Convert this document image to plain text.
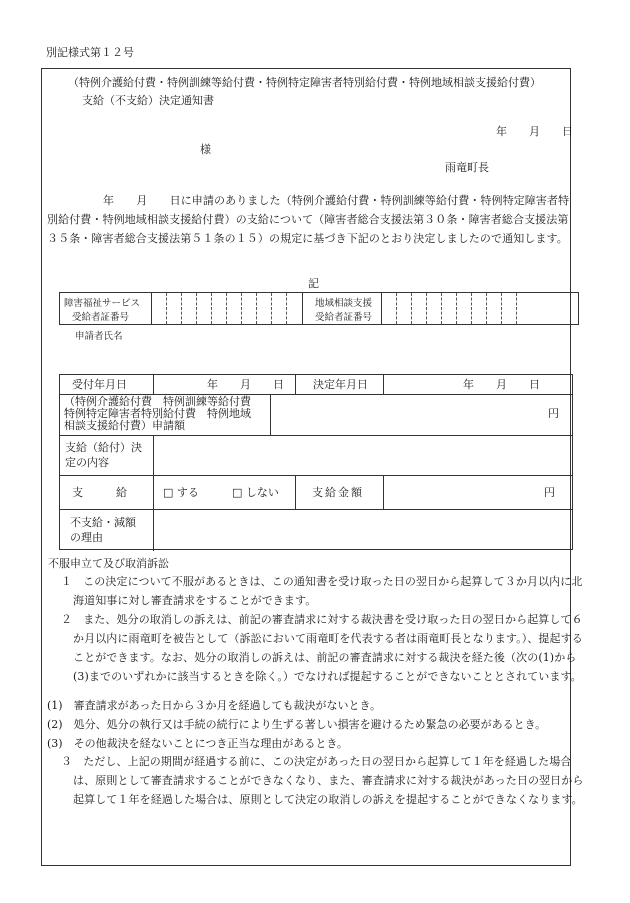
別記様式第１２号
（特例介護給付費・特例訓練等給付費・特例特定障害者特別給付費・特例地域相談支援給付費）
支給（不支給）決定通知書
年　　月　　日
様
雨竜町長
年　　月　　日に申請のありました（特例介護給付費・特例訓練等給付費・特例特定障害者特別給付費・特例地域相談支援給付費）の支給について（障害者総合支援法第３０条・障害者総合支援法第３５条・障害者総合支援法第５１条の１５）の規定に基づき下記のとおり決定しましたので通知します。
記
障害福祉サービス
受給者証番号
地域相談支援
受給者証番号
申請者氏名
受付年月日	年　　月　　日	決定年月日	年　　月　　日
（特例介護給付費　特例訓練等給付費
特例特定障害者特別給付費　特例地域
相談支援給付費）申請額
円
支給（給付）決
定の内容
支　　　給	□ する	□ しない	支給金額	円
不支給・減額
の理由
不服申立て及び取消訴訟
１　この決定について不服があるときは、この通知書を受け取った日の翌日から起算して３か月以内に北海道知事に対し審査請求をすることができます。
２　また、処分の取消しの訴えは、前記の審査請求に対する裁決書を受け取った日の翌日から起算して６か月以内に雨竜町を被告として（訴訟において雨竜町を代表する者は雨竜町長となります。）、提起することができます。なお、処分の取消しの訴えは、前記の審査請求に対する裁決を経た後（次の(1)から(3)までのいずれかに該当するときを除く。）でなければ提起することができないこととされています。
(1)　審査請求があった日から３か月を経過しても裁決がないとき。
(2)　処分、処分の執行又は手続の続行により生ずる著しい損害を避けるため緊急の必要があるとき。
(3)　その他裁決を経ないことにつき正当な理由があるとき。
３　ただし、上記の期間が経過する前に、この決定があった日の翌日から起算して１年を経過した場合は、原則として審査請求することができなくなり、また、審査請求に対する裁決があった日の翌日から起算して１年を経過した場合は、原則として決定の取消しの訴えを提起することができなくなります。
